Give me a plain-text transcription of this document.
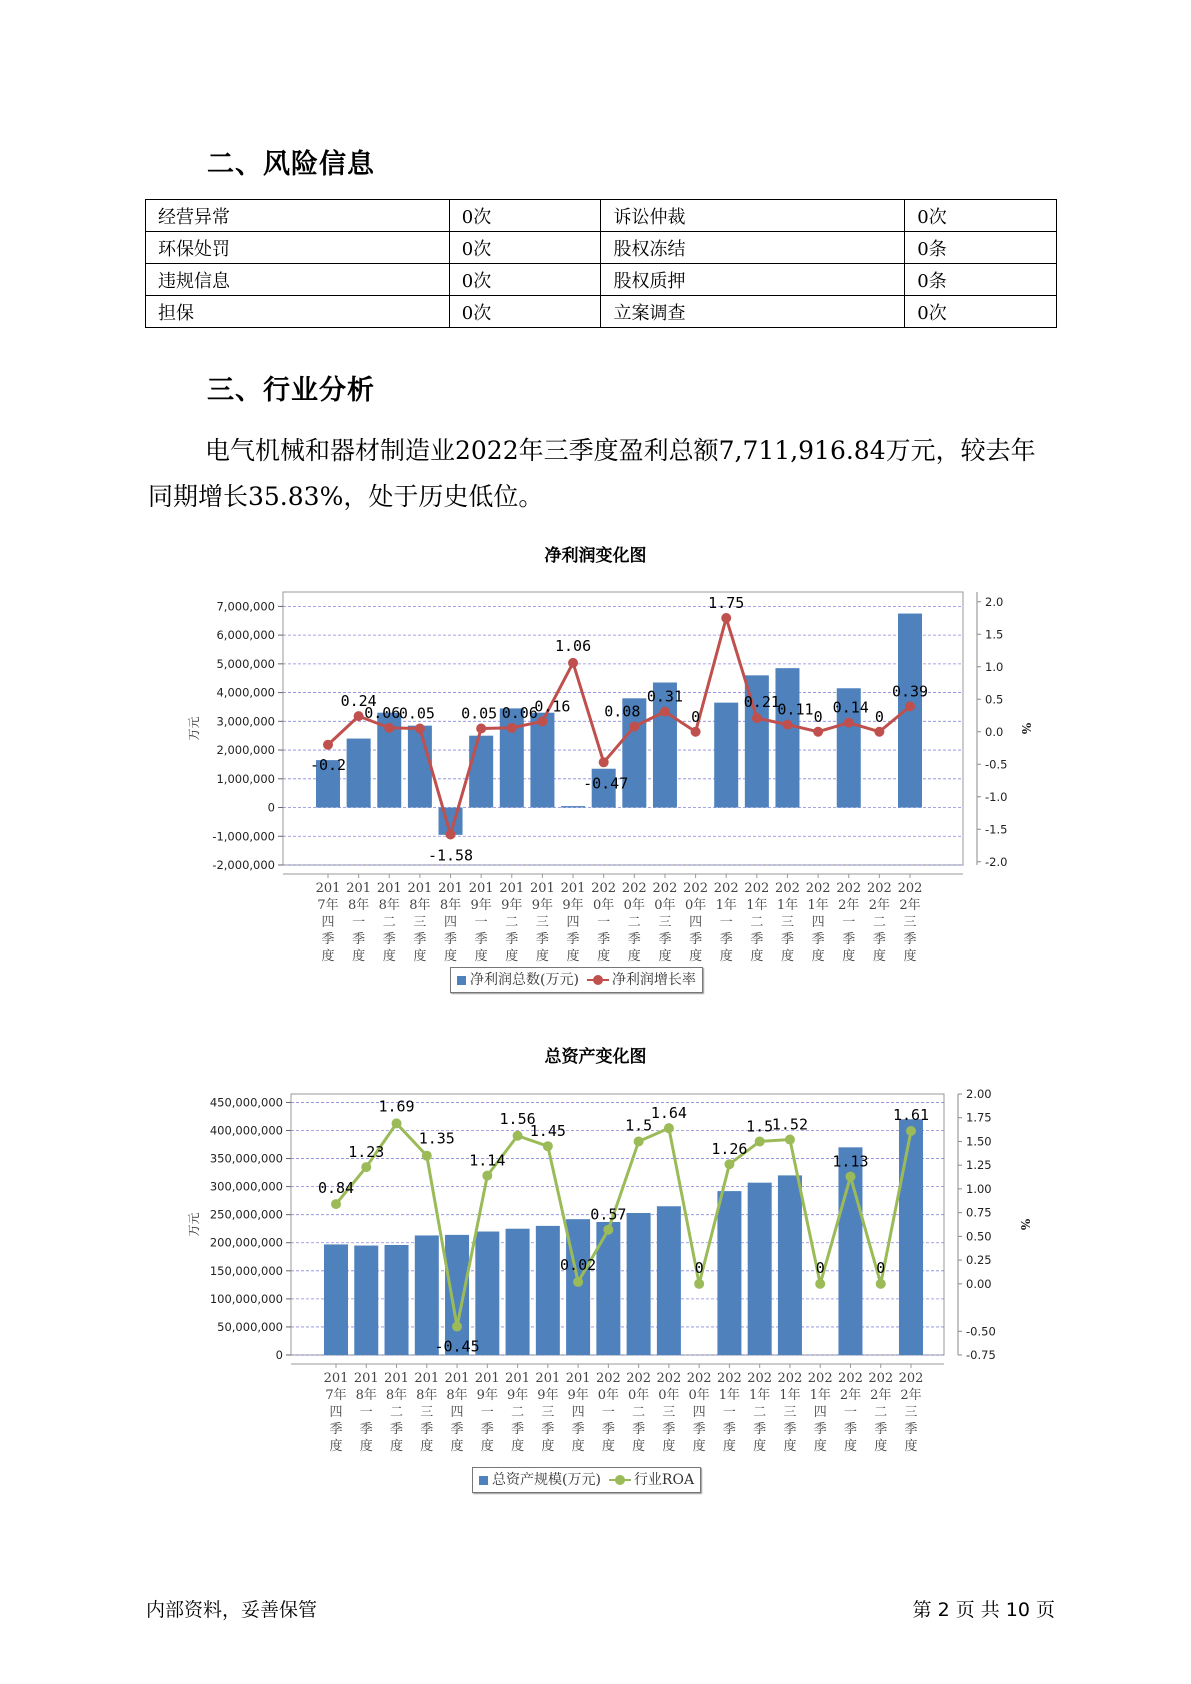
二、风险信息
经营异常	0次	诉讼仲裁	0次
环保处罚	0次	股权冻结	0条
违规信息	0次	股权质押	0条
担保	0次	立案调查	0次
三、行业分析

电气机械和器材制造业2022年三季度盈利总额7,711,916.84万元，较去年同期增长35.83%，处于历史低位。

净利润变化图
7,000,000
6,000,000
5,000,000
4,000,000
3,000,000
2,000,000
1,000,000
0
-1,000,000
-2,000,000
2.0
1.5
1.0
0.5
0.0
-0.5
-1.0
-1.5
-2.0
万元	%
201 7年四季度
201 8年一季度
201 8年二季度
201 8年三季度
201 8年四季度
201 9年一季度
201 9年二季度
201 9年三季度
201 9年四季度
202 0年一季度
202 0年二季度
202 0年三季度
202 0年四季度
202 1年一季度
202 1年二季度
202 1年三季度
202 1年四季度
202 2年一季度
202 2年二季度
202 2年三季度
-0.2
0.24
0.06
0.05
-1.58
0.05 0.06
0.16
1.06
-0.47
0.08
0.31
0
1.75
0.21
0.11 0
0.14
0
0.39
净利润总数(万元) 净利润增长率
总资产变化图
450,000,000
400,000,000
350,000,000
300,000,000
250,000,000
200,000,000
150,000,000
100,000,000
50,000,000
0
2.00
1.75
1.50
1.25
1.00
0.75
0.50
0.25
0.00
-0.50
-0.75
万元	%
201 7年四季度
201 8年一季度
201 8年二季度
201 8年三季度
201 8年四季度
201 9年一季度
201 9年二季度
201 9年三季度
201 9年四季度
202 0年一季度
202 0年二季度
202 0年三季度
202 0年四季度
202 1年一季度
202 1年二季度
202 1年三季度
202 1年四季度
202 2年一季度
202 2年二季度
202 2年三季度
0.84
1.23
1.69
1.35
-0.45
1.14
1.56
1.45
0.02
0.57
1.5
1.64
0
1.26
1.5
1.52
0
1.13
0
1.61
总资产规模(万元) 行业ROA

内部资料，妥善保管	第 2 页 共 10 页
